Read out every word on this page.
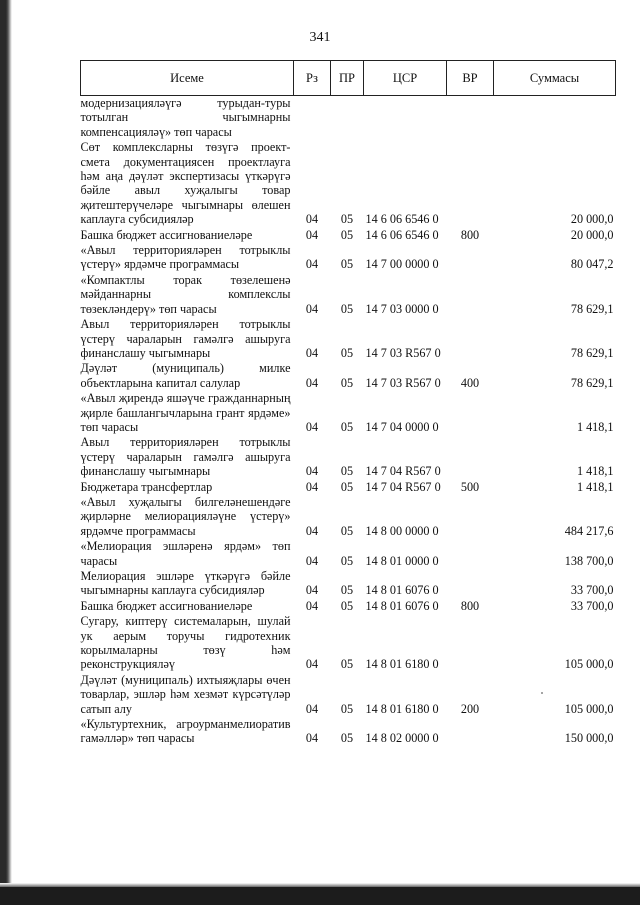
341
Исеме	Рз	ПР	ЦСР	ВР	Суммасы
модернизациялəүгə турыдан-туры тотылган чыгымнарны компенсациялəү» төп чарасы					
Сөт комплексларны төзүгə проект-смета документациясен проектлауга һəм аңа дəүлəт экспертизасы үткəрүгə бəйле авыл хуҗалыгы товар җитештерүчелəре чыгымнары өлешен каплауга субсидиялəр	04	05	14 6 06 6546 0		20 000,0
Башка бюджет ассигнованиелəре	04	05	14 6 06 6546 0	800	20 000,0
«Авыл территориялəрен тотрыклы үстерү» ярдəмче программасы	04	05	14 7 00 0000 0		80 047,2
«Компактлы торак төзелешенə мəйданнарны комплекслы төзеклəндерү» төп чарасы	04	05	14 7 03 0000 0		78 629,1
Авыл территориялəрен тотрыклы үстерү чараларын гамəлгə ашыруга финанслашу чыгымнары	04	05	14 7 03 R567 0		78 629,1
Дəүлəт (муниципаль) милке объектларына капитал салулар	04	05	14 7 03 R567 0	400	78 629,1
«Авыл җирендə яшəүче гражданнарның җирле башлангычларына грант ярдəме» төп чарасы	04	05	14 7 04 0000 0		1 418,1
Авыл территориялəрен тотрыклы үстерү чараларын гамəлгə ашыруга финанслашу чыгымнары	04	05	14 7 04 R567 0		1 418,1
Бюджетара трансфертлар	04	05	14 7 04 R567 0	500	1 418,1
«Авыл хуҗалыгы билгеләнешендәге җирләрне мелиорацияләүне үстерү» ярдəмче программасы	04	05	14 8 00 0000 0		484 217,6
«Мелиорация эшлəренə ярдəм» төп чарасы	04	05	14 8 01 0000 0		138 700,0
Мелиорация эшлəре үткəрүгə бəйле чыгымнарны каплауга субсидиялəр	04	05	14 8 01 6076 0		33 700,0
Башка бюджет ассигнованиелəре	04	05	14 8 01 6076 0	800	33 700,0
Сугару, киптерү системаларын, шулай ук аерым торучы гидротехник корылмаларны төзү һəм реконструкциялəү	04	05	14 8 01 6180 0		105 000,0
Дəүлəт (муниципаль) ихтыяҗлары өчен товарлар, эшлəр һəм хезмəт күрсəтүлəр сатып алу	04	05	14 8 01 6180 0	200	105 000,0
«Культуртехник, агроурманмелиоратив гамəллəр» төп чарасы	04	05	14 8 02 0000 0		150 000,0
